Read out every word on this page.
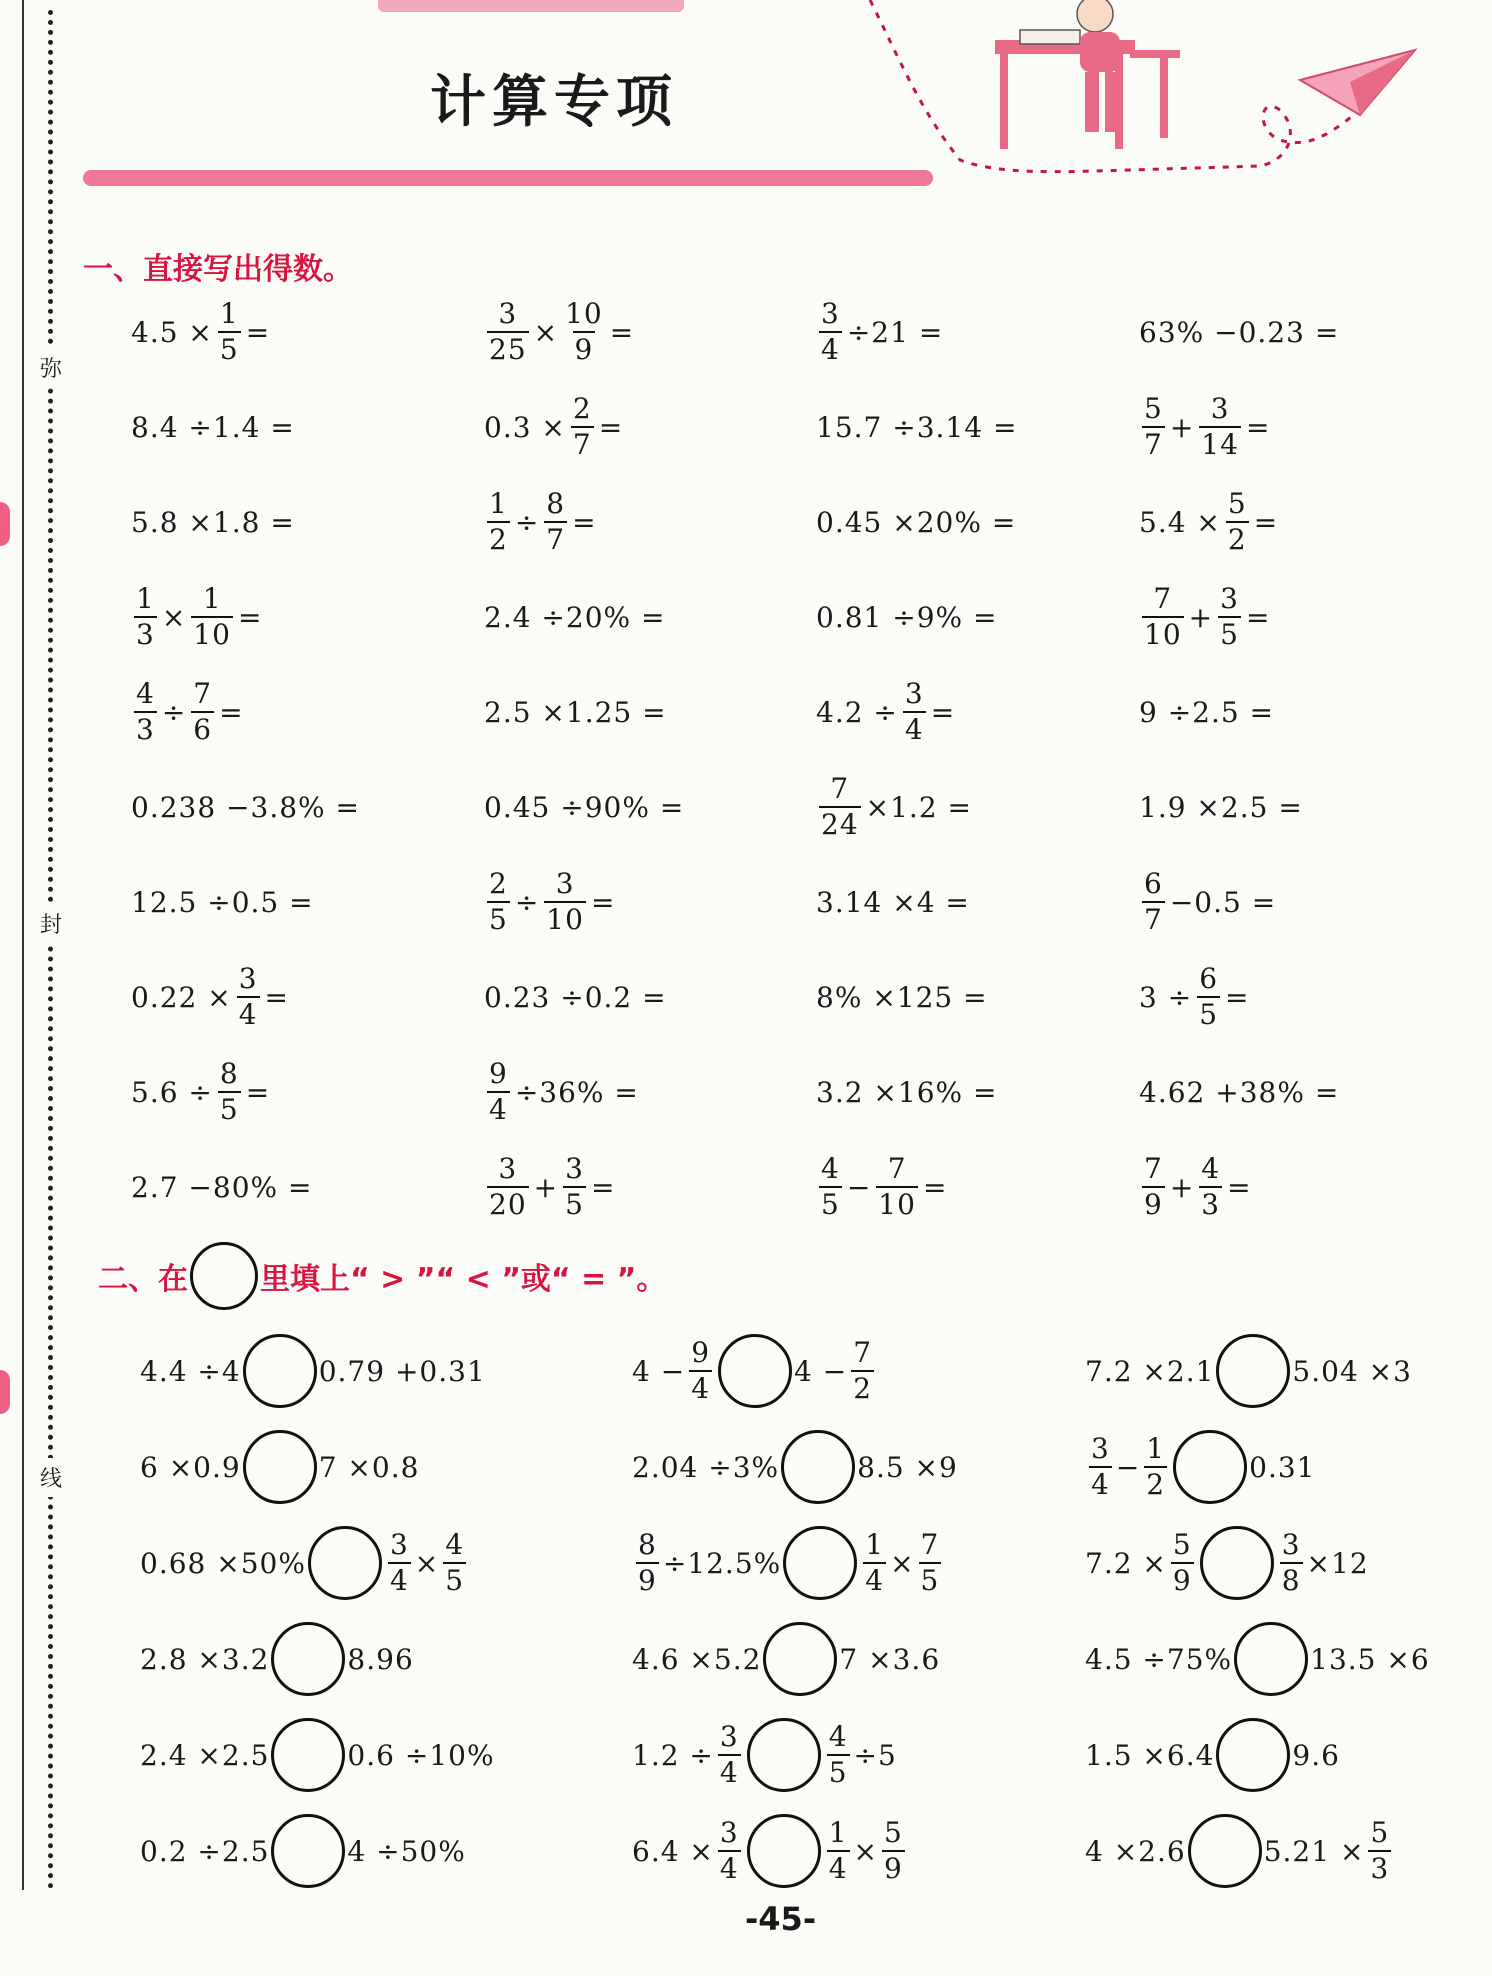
弥
封
线
计算专项
一、直接写出得数。
$4.5 \times \frac{1}{5}$ =	$\frac{3}{25} \times \frac{10}{9}$ =	$\frac{3}{4} \div 21$ =	63% −0.23 =
8.4 ÷1.4 =	$0.3 \times \frac{2}{7}$ =	15.7 ÷3.14 =	$\frac{5}{7} + \frac{3}{14}$ =
5.8 ×1.8 =	$\frac{1}{2} \div \frac{8}{7}$ =	0.45 ×20% =	$5.4 \times \frac{5}{2}$ =
$\frac{1}{3} \times \frac{1}{10}$ =	2.4 ÷20% =	0.81 ÷9% =	$\frac{7}{10} + \frac{3}{5}$ =
$\frac{4}{3} \div \frac{7}{6}$ =	2.5 ×1.25 =	$4.2 \div \frac{3}{4}$ =	9 ÷2.5 =
0.238 −3.8% =	0.45 ÷90% =	$\frac{7}{24} \times 1.2$ =	1.9 ×2.5 =
12.5 ÷0.5 =	$\frac{2}{5} \div \frac{3}{10}$ =	3.14 ×4 =	$\frac{6}{7} -0.5$ =
$0.22 \times \frac{3}{4}$ =	0.23 ÷0.2 =	8% ×125 =	$3 \div \frac{6}{5}$ =
$5.6 \div \frac{8}{5}$ =	$\frac{9}{4} \div 36\%$ =	3.2 ×16% =	4.62 +38% =
2.7 −80% =	$\frac{3}{20} + \frac{3}{5}$ =	$\frac{4}{5} - \frac{7}{10}$ =	$\frac{7}{9} + \frac{4}{3}$ =
二、在 里填上“ > ”“ < ”或“ = ”。
4.4 ÷4	0.79 +0.31	$4 - \frac{9}{4}$	$4 - \frac{7}{2}$	7.2 ×2.1	5.04 ×3
6 ×0.9	7 ×0.8	2.04 ÷3%	8.5 ×9	$\frac{3}{4} - \frac{1}{2}$	0.31
0.68 ×50%	$\frac{3}{4} \times \frac{4}{5}$	$\frac{8}{9} \div 12.5\%$	$\frac{1}{4} \times \frac{7}{5}$	$7.2 \times \frac{5}{9}$	$\frac{3}{8} \times 12$
2.8 ×3.2	8.96	4.6 ×5.2	7 ×3.6	4.5 ÷75%	13.5 ×6
2.4 ×2.5	0.6 ÷10%	$1.2 \div \frac{3}{4}$	$\frac{4}{5} \div 5$	1.5 ×6.4	9.6
0.2 ÷2.5	4 ÷50%	$6.4 \times \frac{3}{4}$	$\frac{1}{4} \times \frac{5}{9}$	4 ×2.6	$5.21 \times \frac{5}{3}$
-45-
